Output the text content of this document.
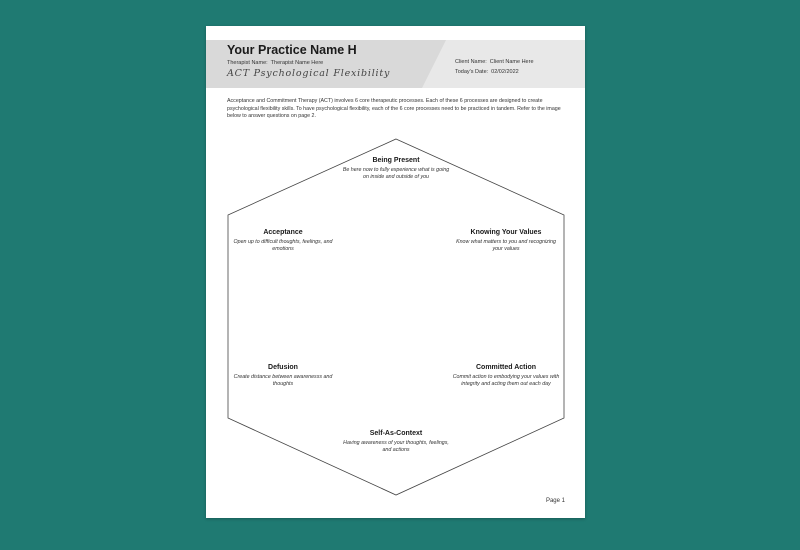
Your Practice Name H
Therapist Name: Therapist Name Here
ACT Psychological Flexibility
Client Name: Client Name Here
Today's Date: 02/02/2022
Acceptance and Commitment Therapy (ACT) involves 6 core therapeutic processes. Each of these 6 processes are designed to create psychological flexibility skills. To have psychological flexibility, each of the 6 core processes need to be practiced in tandem. Refer to the image below to answer questions on page 2.
Being Present
Be here now to fully experience what is going on inside and outside of you
Knowing Your Values
Know what matters to you and recognizing your values
Committed Action
Commit action to embodying your values with integrity and acting them out each day
Self-As-Context
Having awareness of your thoughts, feelings, and actions
Defusion
Create distance between awarenesss and thoughts
Acceptance
Open up to difficult thoughts, feelings, and emotions
Page 1
